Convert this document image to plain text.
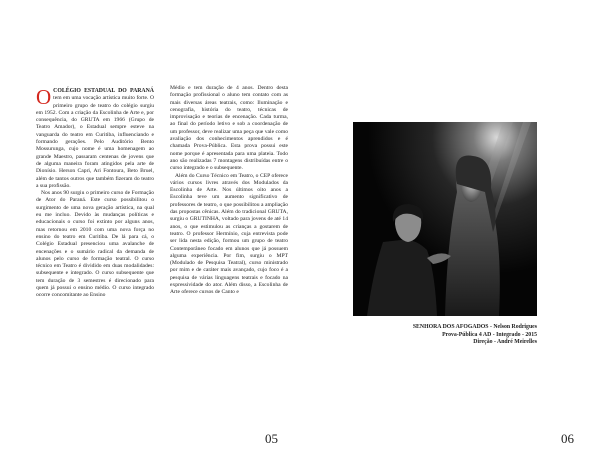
OCOLÉGIO ESTADUAL DO PARANÁ tem em uma vocação artística muito forte. O primeiro grupo de teatro do colégio surgiu em 1952. Com a criação da Escolinha de Arte e, por consequência, do GRUTA em 1966 (Grupo de Teatro Amador), o Estadual sempre esteve na vanguarda do teatro em Curitiba, influenciando e formando gerações. Pelo Auditório Bento Mossurunga, cujo nome é uma homenagem ao grande Maestro, passaram centenas de jovens que de alguma maneira foram atingidos pela arte de Dionísio. Herson Capri, Ari Fontoura, Beto Bruel, além de tantos outros que também fizeram do teatro a sua profissão.

Nos anos 90 surgiu o primeiro curso de Formação de Ator do Paraná. Este curso possibilitou o surgimento de uma nova geração artística, na qual eu me incluo. Devido às mudanças políticas e educacionais o curso foi extinto por alguns anos, mas retornou em 2010 com uma nova força no ensino do teatro em Curitiba. De lá para cá, o Colégio Estadual presenciou uma avalanche de encenações e o sumário radical da demanda de alunos pelo curso de formação teatral. O curso técnico em Teatro é dividido em duas modalidades: subsequente e integrado. O curso subsequente que tem duração de 3 semestres é direcionado para quem já possui o ensino médio. O curso integrado ocorre concomitante ao Ensino

Médio e tem duração de 4 anos. Dentro desta formação profissional o aluno tem contato com as mais diversas áreas teatrais, como: Iluminação e cenografia, história do teatro, técnicas de improvisação e teorias de encenação. Cada turma, ao final do período letivo e sob a coordenação de um professor, deve realizar uma peça que vale como avaliação dos conhecimentos aprendidos e é chamada Prova-Pública. Esta prova possui este nome porque é apresentada para uma plateia. Todo ano são realizadas 7 montagens distribuídas entre o curso integrado e o subsequente.

Além do Curso Técnico em Teatro, o CEP oferece vários cursos livres através dos Modulados da Escolinha de Arte. Nos últimos oito anos a Escolinha teve um aumento significativo de professores de teatro, o que possibilitou a ampliação das propostas cênicas. Além do tradicional GRUTA, surgiu o GRUTINHA, voltado para jovens de até 14 anos, o que estimulou as crianças a gostarem de teatro. O professor Hermínio, cuja entrevista pode ser lida nesta edição, formou um grupo de teatro Contemporâneo focado em alunos que já possuem alguma experiência. Por fim, surgiu o MPT (Modulado de Pesquisa Teatral), curso ministrado por mim e de caráter mais avançado, cujo foco é a pesquisa de várias linguagens teatrais e focado na expressividade do ator. Além disso, a Escolinha de Arte oferece cursos de Canto e

SENHORA DOS AFOGADOS - Nelson Rodrigues
Prova-Pública 4 AD - Integrado - 2015
Direção - André Meirelles
05	06
